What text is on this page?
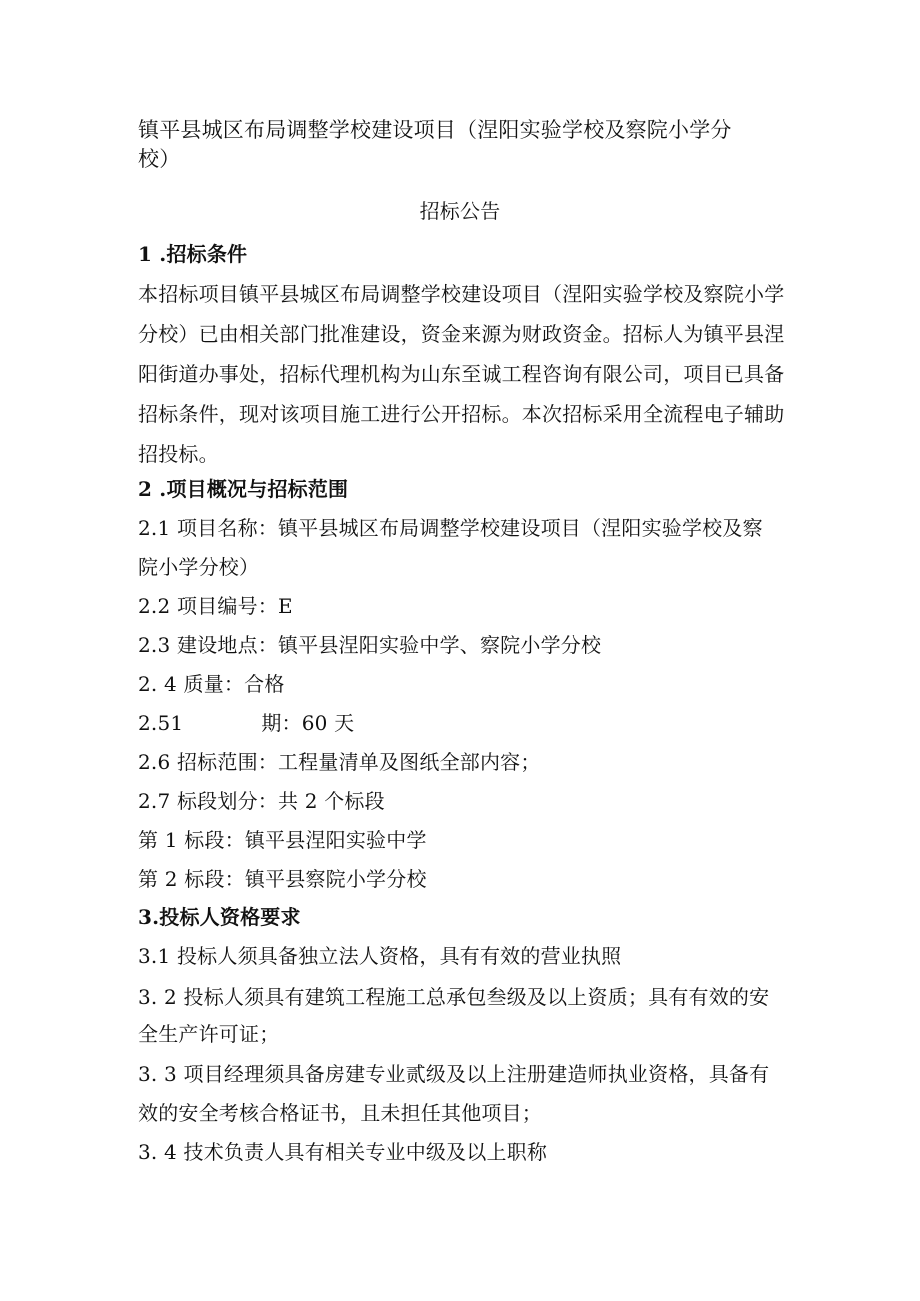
镇平县城区布局调整学校建设项目（涅阳实验学校及察院小学分
校）
招标公告
1 .招标条件
本招标项目镇平县城区布局调整学校建设项目（涅阳实验学校及察院小学
分校）已由相关部门批准建设，资金来源为财政资金。招标人为镇平县涅
阳街道办事处，招标代理机构为山东至诚工程咨询有限公司，项目已具备
招标条件，现对该项目施工进行公开招标。本次招标采用全流程电子辅助
招投标。
2 .项目概况与招标范围
2.1 项目名称：镇平县城区布局调整学校建设项目（涅阳实验学校及察
院小学分校）
2.2 项目编号：E
2.3 建设地点：镇平县涅阳实验中学、察院小学分校
2. 4 质量：合格
2.51	期：60 天
2.6 招标范围：工程量清单及图纸全部内容；
2.7 标段划分：共 2 个标段
第 1 标段：镇平县涅阳实验中学
第 2 标段：镇平县察院小学分校
3.投标人资格要求
3.1 投标人须具备独立法人资格，具有有效的营业执照
3. 2 投标人须具有建筑工程施工总承包叁级及以上资质；具有有效的安
全生产许可证；
3. 3 项目经理须具备房建专业贰级及以上注册建造师执业资格，具备有
效的安全考核合格证书，且未担任其他项目；
3. 4 技术负责人具有相关专业中级及以上职称
